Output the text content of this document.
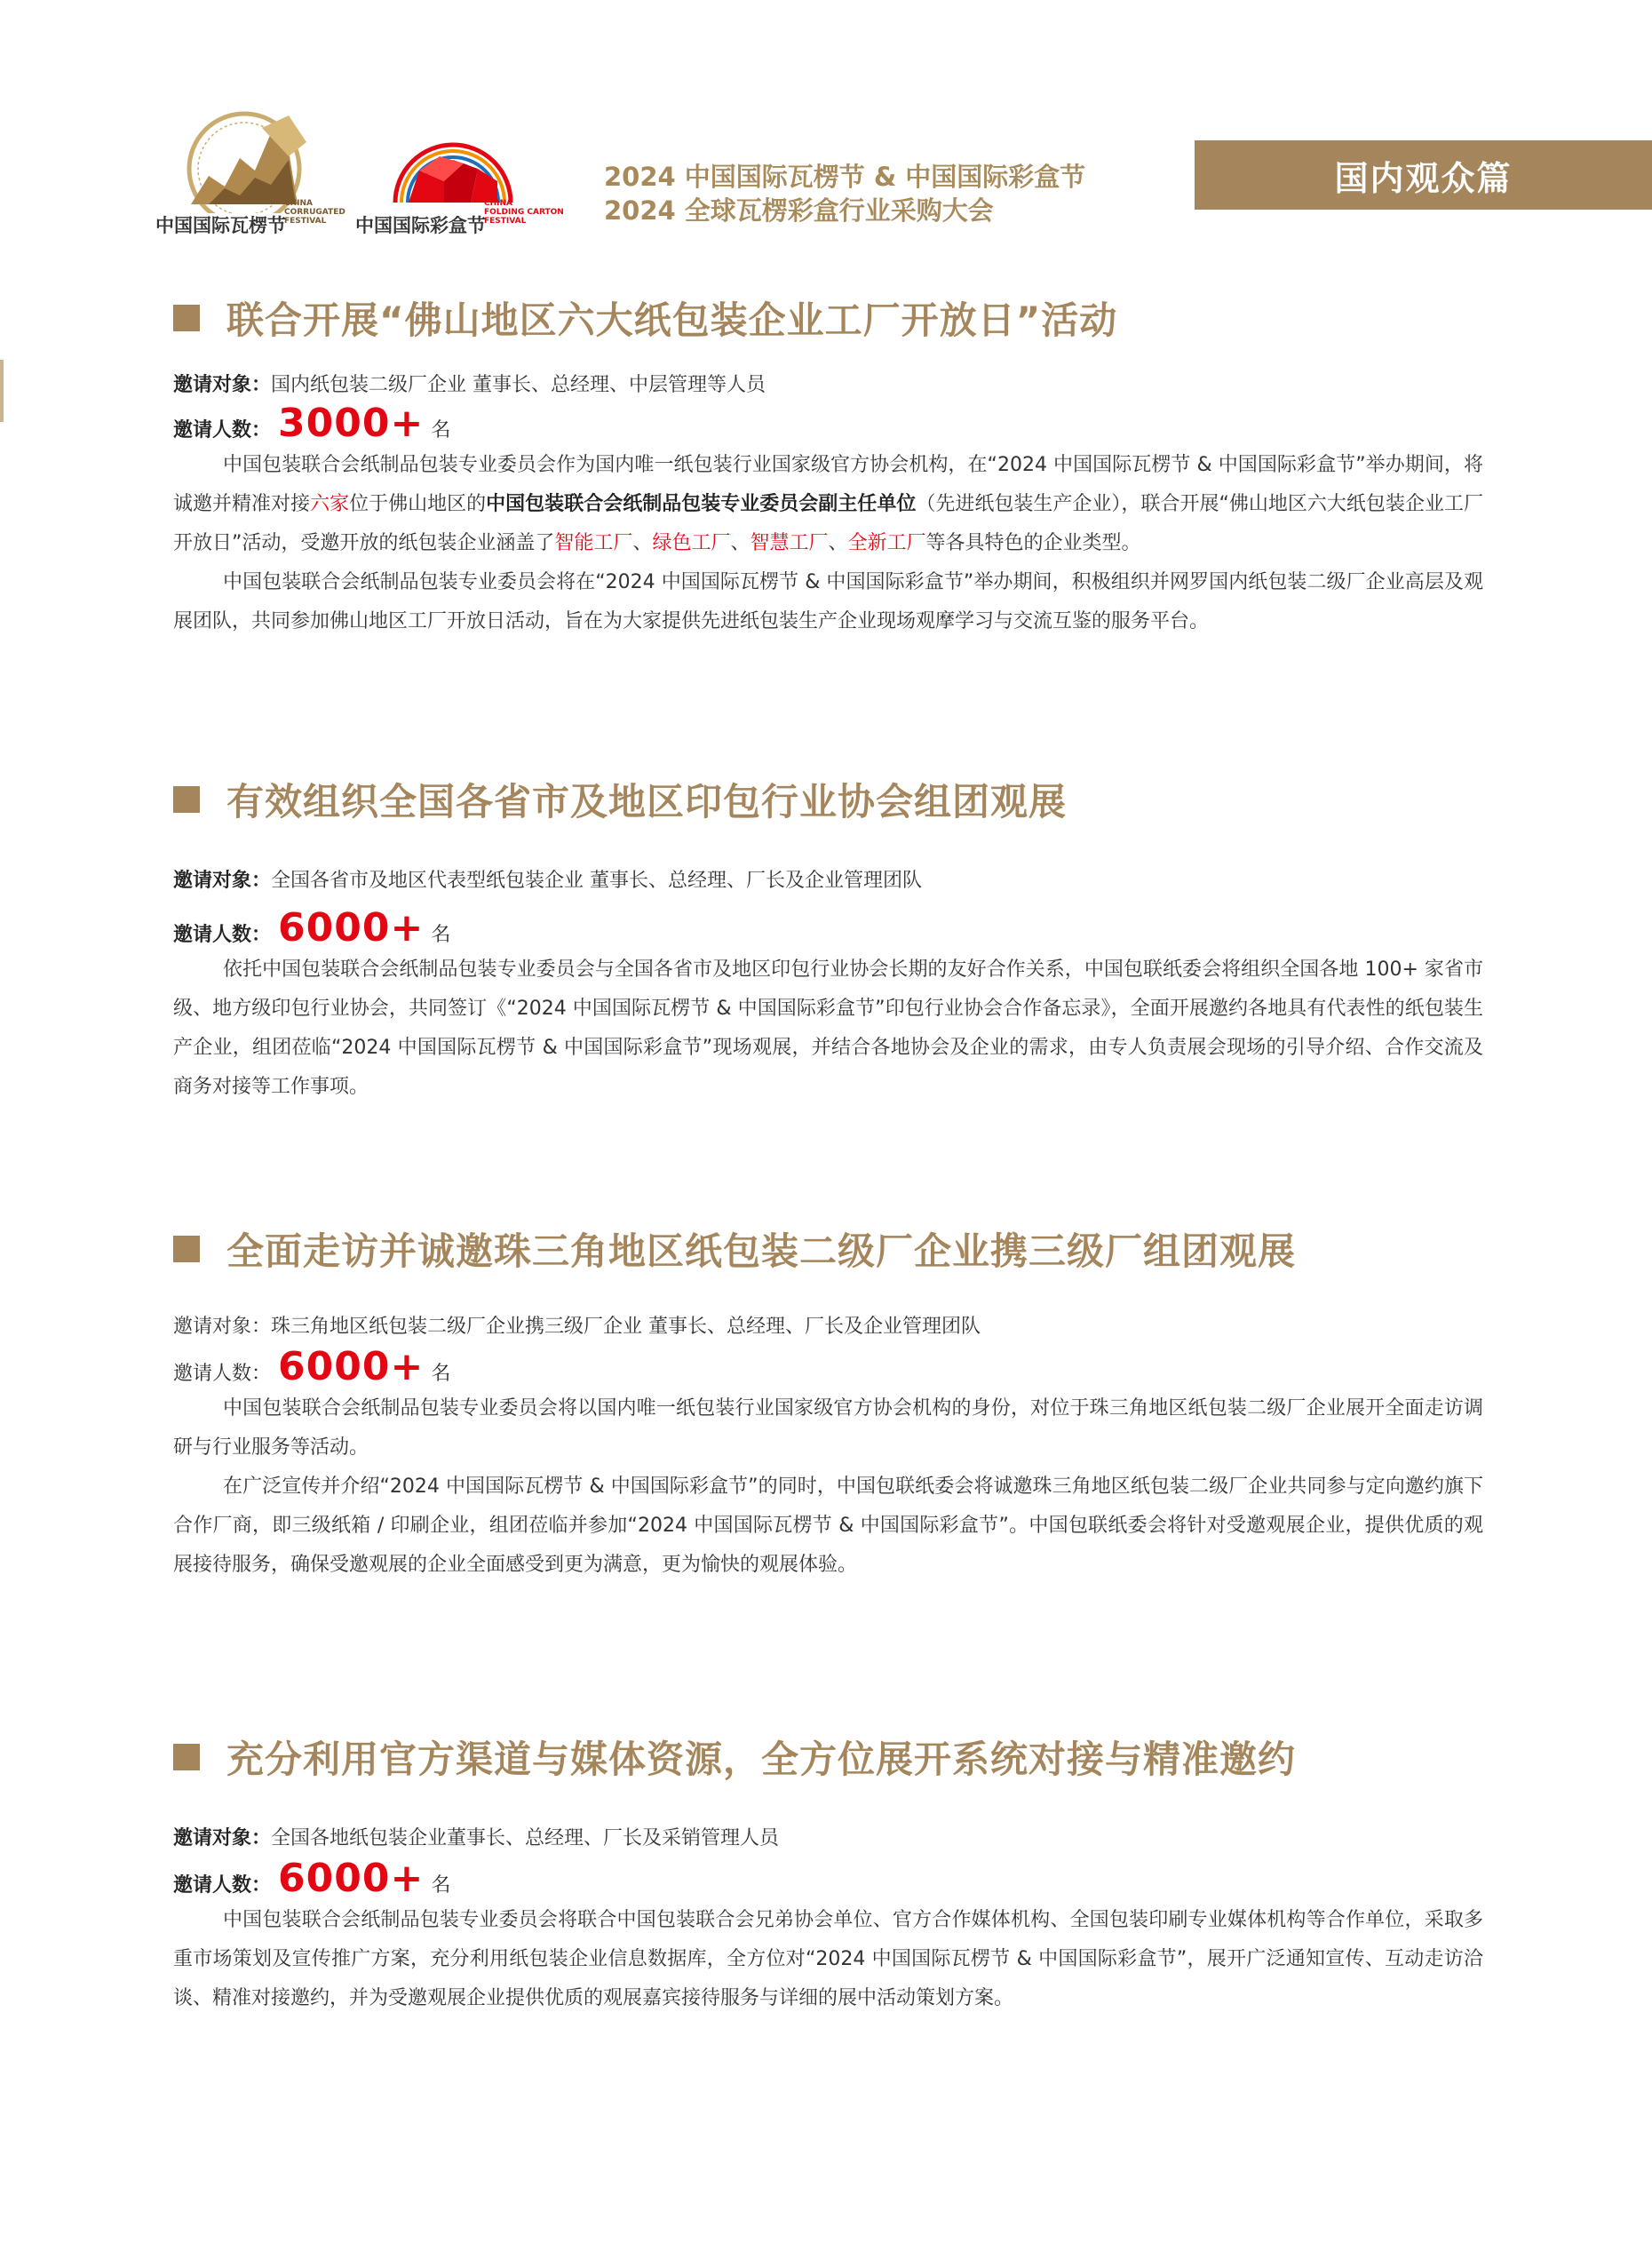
中国国际瓦楞节
CHINA
CORRUGATED
FESTIVAL	中国国际彩盒节
CHINA
FOLDING CARTON
FESTIVAL
2024 中国国际瓦楞节 & 中国国际彩盒节
2024 全球瓦楞彩盒行业采购大会
国内观众篇
联合开展“佛山地区六大纸包装企业工厂开放日”活动
邀请对象：国内纸包装二级厂企业 董事长、总经理、中层管理等人员
邀请人数： 3000+ 名

中国包装联合会纸制品包装专业委员会作为国内唯一纸包装行业国家级官方协会机构，在“2024 中国国际瓦楞节 & 中国国际彩盒节”举办期间，将诚邀并精准对接六家位于佛山地区的中国包装联合会纸制品包装专业委员会副主任单位（先进纸包装生产企业），联合开展“佛山地区六大纸包装企业工厂开放日”活动，受邀开放的纸包装企业涵盖了智能工厂、绿色工厂、智慧工厂、全新工厂等各具特色的企业类型。

中国包装联合会纸制品包装专业委员会将在“2024 中国国际瓦楞节 & 中国国际彩盒节”举办期间，积极组织并网罗国内纸包装二级厂企业高层及观展团队，共同参加佛山地区工厂开放日活动，旨在为大家提供先进纸包装生产企业现场观摩学习与交流互鉴的服务平台。

有效组织全国各省市及地区印包行业协会组团观展
邀请对象：全国各省市及地区代表型纸包装企业 董事长、总经理、厂长及企业管理团队
邀请人数： 6000+ 名

依托中国包装联合会纸制品包装专业委员会与全国各省市及地区印包行业协会长期的友好合作关系，中国包联纸委会将组织全国各地 100+ 家省市级、地方级印包行业协会，共同签订《“2024 中国国际瓦楞节 & 中国国际彩盒节”印包行业协会合作备忘录》，全面开展邀约各地具有代表性的纸包装生产企业，组团莅临“2024 中国国际瓦楞节 & 中国国际彩盒节”现场观展，并结合各地协会及企业的需求，由专人负责展会现场的引导介绍、合作交流及商务对接等工作事项。

全面走访并诚邀珠三角地区纸包装二级厂企业携三级厂组团观展
邀请对象：珠三角地区纸包装二级厂企业携三级厂企业 董事长、总经理、厂长及企业管理团队
邀请人数： 6000+ 名

中国包装联合会纸制品包装专业委员会将以国内唯一纸包装行业国家级官方协会机构的身份，对位于珠三角地区纸包装二级厂企业展开全面走访调研与行业服务等活动。

在广泛宣传并介绍“2024 中国国际瓦楞节 & 中国国际彩盒节”的同时，中国包联纸委会将诚邀珠三角地区纸包装二级厂企业共同参与定向邀约旗下合作厂商，即三级纸箱 / 印刷企业，组团莅临并参加“2024 中国国际瓦楞节 & 中国国际彩盒节”。中国包联纸委会将针对受邀观展企业，提供优质的观展接待服务，确保受邀观展的企业全面感受到更为满意，更为愉快的观展体验。

充分利用官方渠道与媒体资源，全方位展开系统对接与精准邀约
邀请对象：全国各地纸包装企业董事长、总经理、厂长及采销管理人员
邀请人数： 6000+ 名

中国包装联合会纸制品包装专业委员会将联合中国包装联合会兄弟协会单位、官方合作媒体机构、全国包装印刷专业媒体机构等合作单位，采取多重市场策划及宣传推广方案，充分利用纸包装企业信息数据库，全方位对“2024 中国国际瓦楞节 & 中国国际彩盒节”，展开广泛通知宣传、互动走访洽谈、精准对接邀约，并为受邀观展企业提供优质的观展嘉宾接待服务与详细的展中活动策划方案。
